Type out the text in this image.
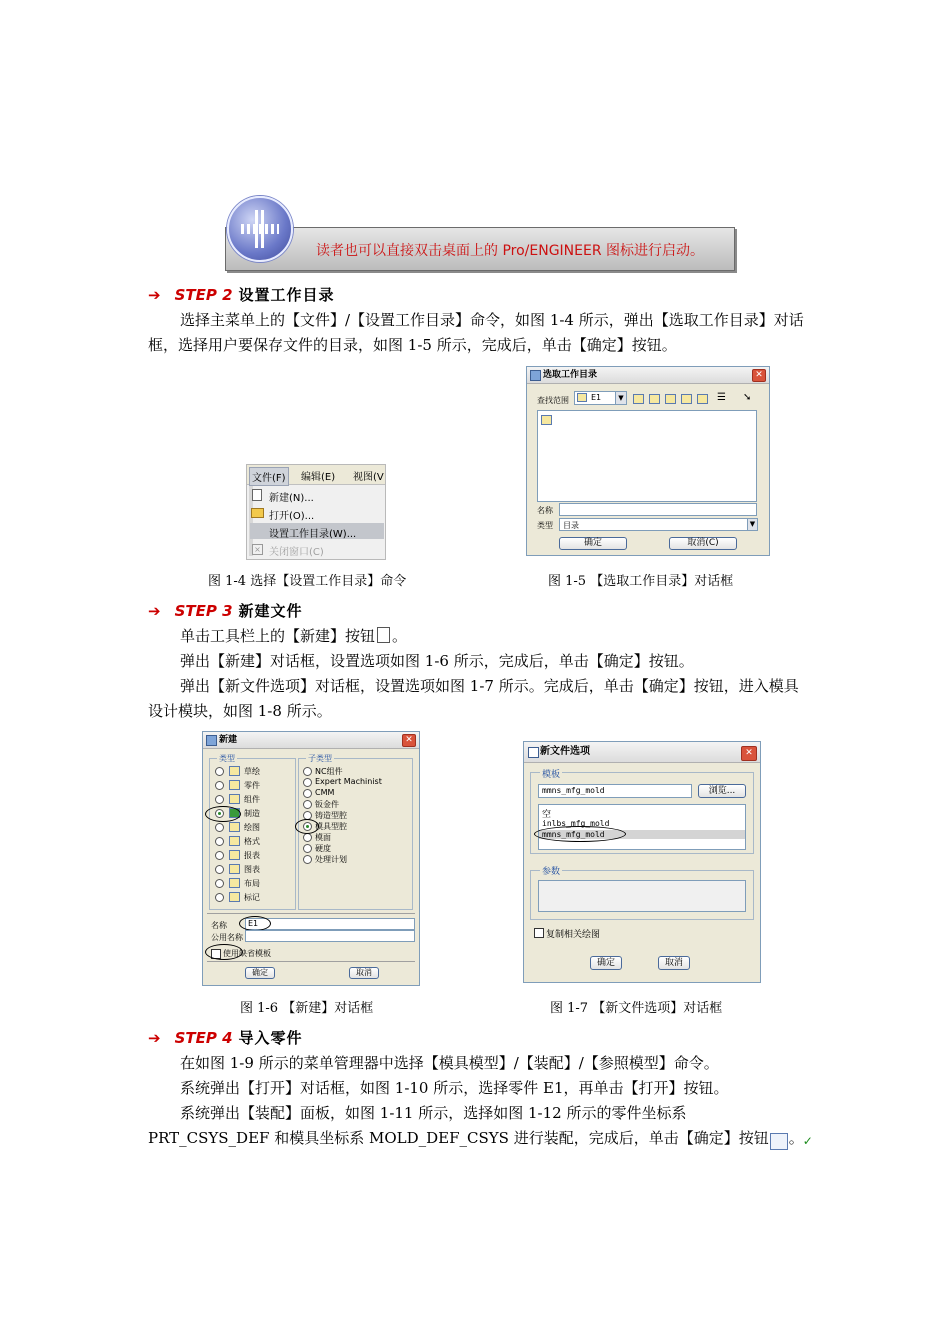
读者也可以直接双击桌面上的 Pro/ENGINEER 图标进行启动。
➔ STEP 2 设置工作目录
选择主菜单上的【文件】/【设置工作目录】命令，如图 1-4 所示，弹出【选取工作目录】对话框，选择用户要保存文件的目录，如图 1-5 所示，完成后，单击【确定】按钮。
文件(F)	编辑(E) 视图(V
新建(N)...
打开(O)...
设置工作目录(W)...
× 关闭窗口(C)
选取工作目录	✕
查找范围	E1	▼	☰ ➘
名称
类型 目录	▼
确定	取消(C)
图 1-4 选择【设置工作目录】命令	图 1-5 【选取工作目录】对话框
➔ STEP 3 新建文件
单击工具栏上的【新建】按钮 。
弹出【新建】对话框，设置选项如图 1-6 所示，完成后，单击【确定】按钮。
弹出【新文件选项】对话框，设置选项如图 1-7 所示。完成后，单击【确定】按钮，进入模具设计模块，如图 1-8 所示。
新建	✕
类型	子类型
草绘
零件
组件
制造
绘图
格式
报表
图表
布局
标记
NC组件
Expert Machinist
CMM
钣金件
铸造型腔
模具型腔
模面
硬度
处理计划
名称	E1
公用名称
使用缺省模板
确定	取消
新文件选项	✕
模板
mmns_mfg_mold	浏览...
空
inlbs_mfg_mold
mmns_mfg_mold
参数
复制相关绘图
确定	取消
图 1-6 【新建】对话框	图 1-7 【新文件选项】对话框
➔ STEP 4 导入零件
在如图 1-9 所示的菜单管理器中选择【模具模型】/【装配】/【参照模型】命令。
系统弹出【打开】对话框，如图 1-10 所示，选择零件 E1，再单击【打开】按钮。
系统弹出【装配】面板，如图 1-11 所示，选择如图 1-12 所示的零件坐标系 PRT_CSYS_DEF 和模具坐标系 MOLD_DEF_CSYS 进行装配，完成后，单击【确定】按钮	✓。
